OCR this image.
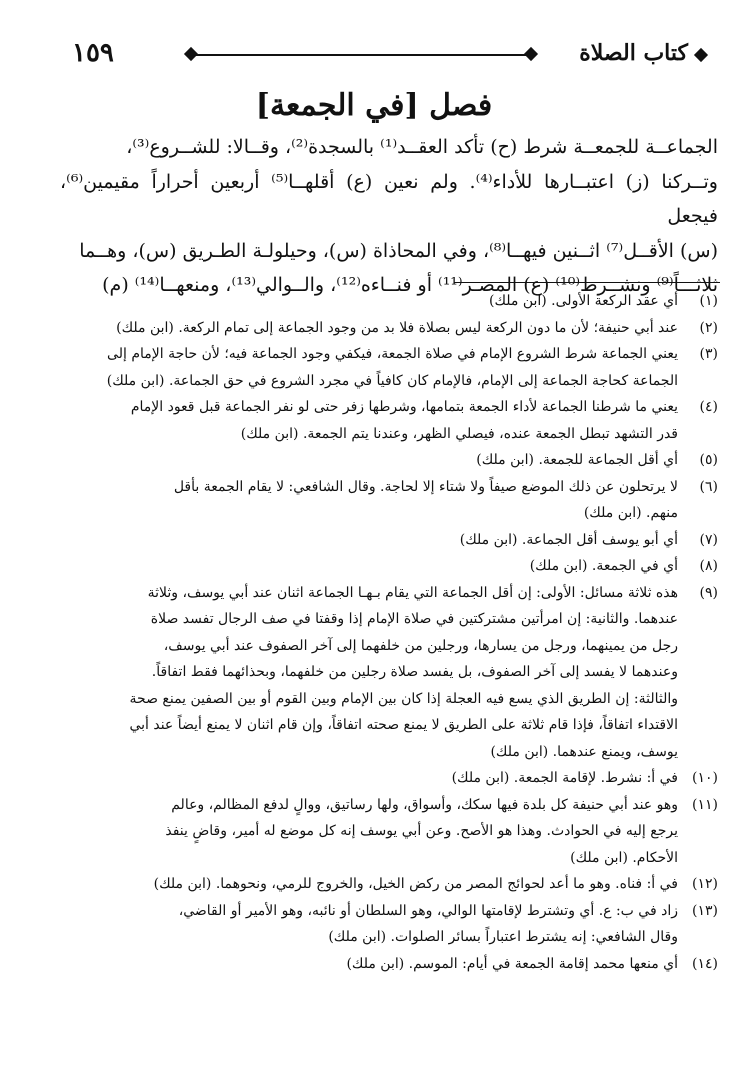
١٥٩	كتاب الصلاة
فصل [في الجمعة]

الجماعــة للجمعــة شرط (ح) تأكد العقــد⁽¹⁾ بالسجدة⁽²⁾، وقــالا: للشــروع⁽³⁾،

وتــركنا (ز) اعتبــارها للأداء⁽⁴⁾. ولم نعين (ع) أقلهــا⁽⁵⁾ أربعين أحراراً مقيمين⁽⁶⁾، فيجعل

(س) الأقــل⁽⁷⁾ اثــنين فيهــا⁽⁸⁾، وفي المحاذاة (س)، وحيلولـة الطـريق (س)، وهــما

ثلاثـــاً⁽⁹⁾ ونشــرط⁽¹⁰⁾ (ع) المصـر⁽¹¹⁾ أو فنــاءه⁽¹²⁾، والــوالي⁽¹³⁾، ومنعهــا⁽¹⁴⁾ (م)

(١)
أي عقد الركعة الأولى. (ابن ملك)
(٢)
عند أبي حنيفة؛ لأن ما دون الركعة ليس بصلاة فلا بد من وجود الجماعة إلى تمام الركعة. (ابن ملك)
(٣)
يعني الجماعة شرط الشروع الإمام في صلاة الجمعة، فيكفي وجود الجماعة فيه؛ لأن حاجة الإمام إلى
الجماعة كحاجة الجماعة إلى الإمام، فالإمام كان كافياً في مجرد الشروع في حق الجماعة. (ابن ملك)
(٤)
يعني ما شرطنا الجماعة لأداء الجمعة بتمامها، وشرطها زفر حتى لو نفر الجماعة قبل قعود الإمام
قدر التشهد تبطل الجمعة عنده، فيصلي الظهر، وعندنا يتم الجمعة. (ابن ملك)
(٥)
أي أقل الجماعة للجمعة. (ابن ملك)
(٦)
لا يرتحلون عن ذلك الموضع صيفاً ولا شتاء إلا لحاجة. وقال الشافعي: لا يقام الجمعة بأقل
منهم. (ابن ملك)
(٧)
أي أبو يوسف أقل الجماعة. (ابن ملك)
(٨)
أي في الجمعة. (ابن ملك)
(٩)
هذه ثلاثة مسائل: الأولى: إن أقل الجماعة التي يقام بـهـا الجماعة اثنان عند أبي يوسف، وثلاثة
عندهما. والثانية: إن امرأتين مشتركتين في صلاة الإمام إذا وقفتا في صف الرجال تفسد صلاة
رجل من يمينهما، ورجل من يسارها، ورجلين من خلفهما إلى آخر الصفوف عند أبي يوسف،
وعندهما لا يفسد إلى آخر الصفوف، بل يفسد صلاة رجلين من خلفهما، وبحذائهما فقط اتفاقاً.
والثالثة: إن الطريق الذي يسع فيه العجلة إذا كان بين الإمام وبين القوم أو بين الصفين يمنع صحة
الاقتداء اتفاقاً، فإذا قام ثلاثة على الطريق لا يمنع صحته اتفاقاً، وإن قام اثنان لا يمنع أيضاً عند أبي
يوسف، ويمنع عندهما. (ابن ملك)
(١٠)
في أ: نشرط. لإقامة الجمعة. (ابن ملك)
(١١)
وهو عند أبي حنيفة كل بلدة فيها سكك، وأسواق، ولها رساتيق، ووالٍ لدفع المظالم، وعالم
يرجع إليه في الحوادث. وهذا هو الأصح. وعن أبي يوسف إنه كل موضع له أمير، وقاضٍ ينفذ
الأحكام. (ابن ملك)
(١٢)
في أ: فناه. وهو ما أعد لحوائج المصر من ركض الخيل، والخروج للرمي، ونحوهما. (ابن ملك)
(١٣)
زاد في ب: ع. أي وتشترط لإقامتها الوالي، وهو السلطان أو نائبه، وهو الأمير أو القاضي،
وقال الشافعي: إنه يشترط اعتباراً بسائر الصلوات. (ابن ملك)
(١٤)
أي منعها محمد إقامة الجمعة في أيام: الموسم. (ابن ملك)
